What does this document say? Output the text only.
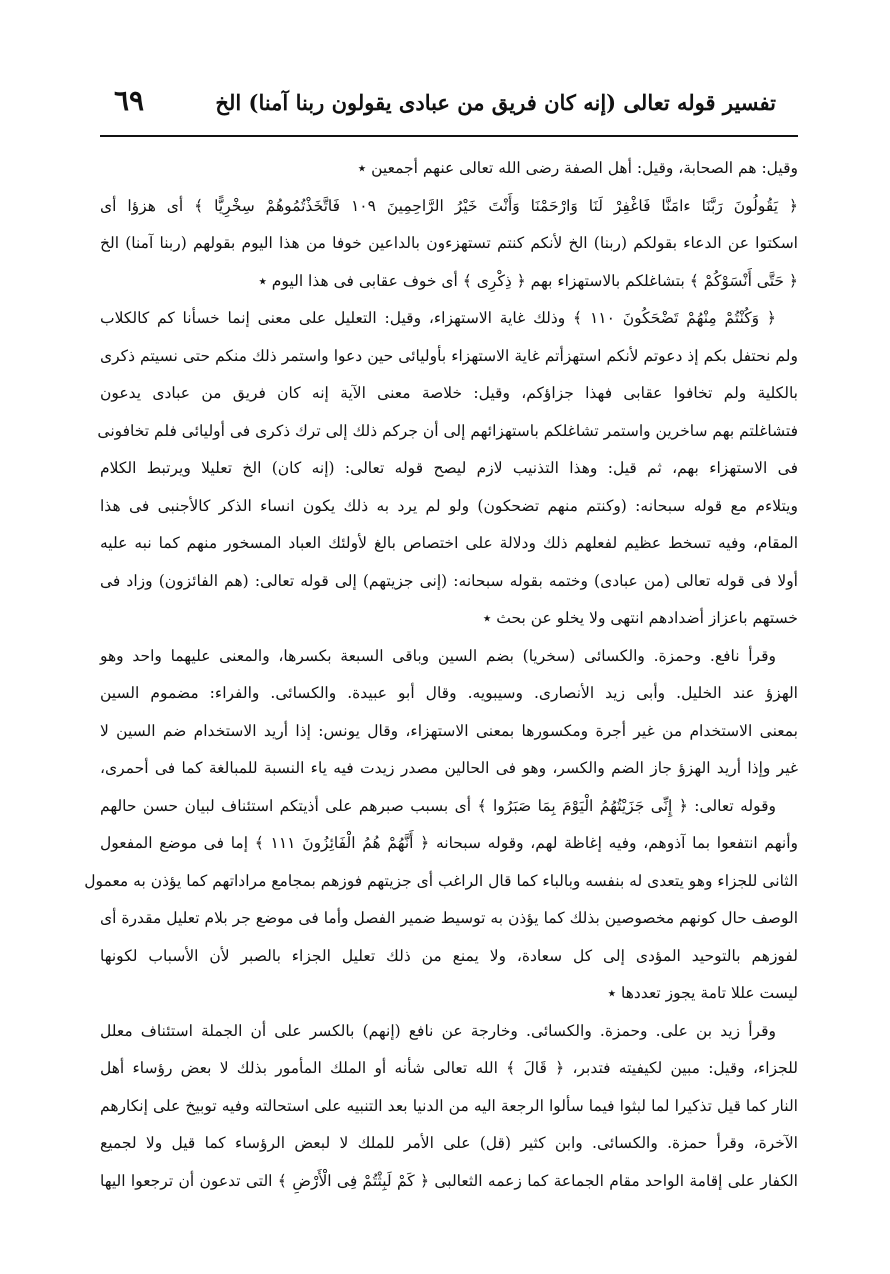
تفسير قوله تعالى (إنه كان فريق من عبادى يقولون ربنا آمنا) الخ
٦٩
وقيل: هم الصحابة، وقيل: أهل الصفة رضى الله تعالى عنهم أجمعين ٭
﴿ يَقُولُونَ رَبَّنَا ءامَنَّا فَاغْفِرْ لَنَا وَارْحَمْنَا وَأَنْتَ خَيْرُ الرَّاحِمِينَ ١٠٩ فَاتَّخَذْتُمُوهُمْ سِخْرِيًّا ﴾ أى هزؤا أى
اسكتوا عن الدعاء بقولكم (ربنا) الخ لأنكم كنتم تستهزءون بالداعين خوفا من هذا اليوم بقولهم (ربنا آمنا) الخ
﴿ حَتَّى أَنْسَوْكُمْ ﴾ بتشاغلكم بالاستهزاء بهم ﴿ ذِكْرِى ﴾ أى خوف عقابى فى هذا اليوم ٭
﴿ وَكُنْتُمْ مِنْهُمْ تَضْحَكُونَ ١١٠ ﴾ وذلك غاية الاستهزاء، وقيل: التعليل على معنى إنما خسأنا كم كالكلاب
ولم نحتفل بكم إذ دعوتم لأنكم استهزأتم غاية الاستهزاء بأوليائى حين دعوا واستمر ذلك منكم حتى نسيتم ذكرى
بالكلية ولم تخافوا عقابى فهذا جزاؤكم، وقيل: خلاصة معنى الآية إنه كان فريق من عبادى يدعون
فتشاغلتم بهم ساخرين واستمر تشاغلكم باستهزائهم إلى أن جركم ذلك إلى ترك ذكرى فى أوليائى فلم تخافونى
فى الاستهزاء بهم، ثم قيل: وهذا التذنيب لازم ليصح قوله تعالى: (إنه كان) الخ تعليلا ويرتبط الكلام
ويتلاءم مع قوله سبحانه: (وكنتم منهم تضحكون) ولو لم يرد به ذلك يكون انساء الذكر كالأجنبى فى هذا
المقام، وفيه تسخط عظيم لفعلهم ذلك ودلالة على اختصاص بالغ لأولئك العباد المسخور منهم كما نبه عليه
أولا فى قوله تعالى (من عبادى) وختمه بقوله سبحانه: (إنى جزيتهم) إلى قوله تعالى: (هم الفائزون) وزاد فى
خستهم باعزاز أضدادهم انتهى ولا يخلو عن بحث ٭
وقرأ نافع. وحمزة. والكسائى (سخريا) بضم السين وباقى السبعة بكسرها، والمعنى عليهما واحد وهو
الهزؤ عند الخليل. وأبى زيد الأنصارى. وسيبويه. وقال أبو عبيدة. والكسائى. والفراء: مضموم السين
بمعنى الاستخدام من غير أجرة ومكسورها بمعنى الاستهزاء، وقال يونس: إذا أريد الاستخدام ضم السين لا
غير وإذا أريد الهزؤ جاز الضم والكسر، وهو فى الحالين مصدر زيدت فيه ياء النسبة للمبالغة كما فى أحمرى،
وقوله تعالى: ﴿ إِنِّى جَزَيْتُهُمُ الْيَوْمَ بِمَا صَبَرُوا ﴾ أى بسبب صبرهم على أذيتكم استئناف لبيان حسن حالهم
وأنهم انتفعوا بما آذوهم، وفيه إغاظة لهم، وقوله سبحانه ﴿ أَنَّهُمْ هُمُ الْفَائِزُونَ ١١١ ﴾ إما فى موضع المفعول
الثانى للجزاء وهو يتعدى له بنفسه وبالباء كما قال الراغب أى جزيتهم فوزهم بمجامع مراداتهم كما يؤذن به معمول
الوصف حال كونهم مخصوصين بذلك كما يؤذن به توسيط ضمير الفصل وأما فى موضع جر بلام تعليل مقدرة أى
لفوزهم بالتوحيد المؤدى إلى كل سعادة، ولا يمنع من ذلك تعليل الجزاء بالصبر لأن الأسباب لكونها
ليست عللا تامة يجوز تعددها ٭
وقرأ زيد بن على. وحمزة. والكسائى. وخارجة عن نافع (إنهم) بالكسر على أن الجملة استئناف معلل
للجزاء، وقيل: مبين لكيفيته فتدبر، ﴿ قَالَ ﴾ الله تعالى شأنه أو الملك المأمور بذلك لا بعض رؤساء أهل
النار كما قيل تذكيرا لما لبثوا فيما سألوا الرجعة اليه من الدنيا بعد التنبيه على استحالته وفيه توبيخ على إنكارهم
الآخرة، وقرأ حمزة. والكسائى. وابن كثير (قل) على الأمر للملك لا لبعض الرؤساء كما قيل ولا لجميع
الكفار على إقامة الواحد مقام الجماعة كما زعمه الثعالبى ﴿ كَمْ لَبِثْتُمْ فِى الْأَرْضِ ﴾ التى تدعون أن ترجعوا اليها
